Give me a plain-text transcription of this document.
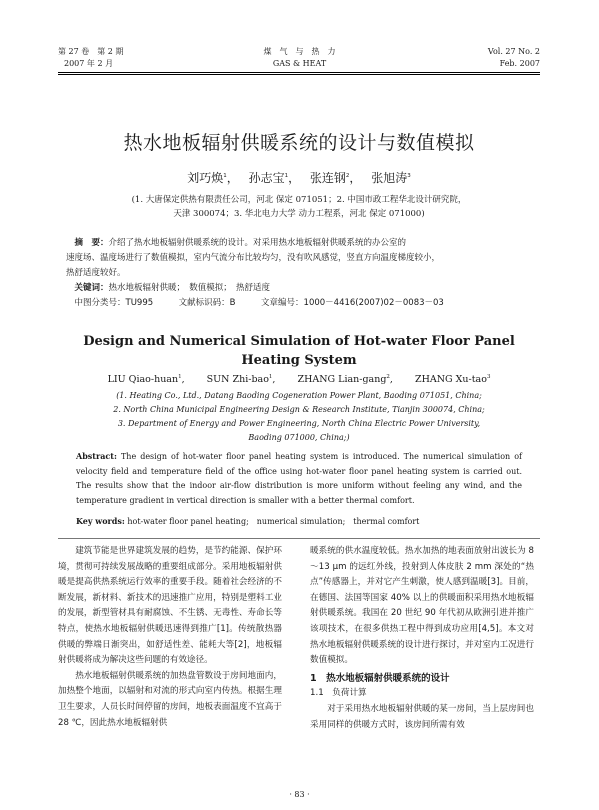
第 27 卷　第 2 期
2007 年 2 月
煤　气　与　热　力
GAS & HEAT
Vol. 27 No. 2
Feb. 2007
热水地板辐射供暖系统的设计与数值模拟
刘巧焕$^1$，　 孙志宝$^1$，　 张连钢$^2$，　 张旭涛$^3$
(1. 大唐保定供热有限责任公司，河北 保定 071051；2. 中国市政工程华北设计研究院，
天津 300074；3. 华北电力大学 动力工程系，河北 保定 071000)
　摘　要：介绍了热水地板辐射供暖系统的设计。对采用热水地板辐射供暖系统的办公室的
速度场、温度场进行了数值模拟，室内气流分布比较均匀，没有吹风感觉，竖直方向温度梯度较小，
热舒适度较好。
　关键词：热水地板辐射供暖；　数值模拟；　热舒适度
　中图分类号：TU995　　　	文献标识码：B　　　	文章编号：1000－4416(2007)02－0083－03
Design and Numerical Simulation of Hot-water Floor Panel
Heating System
LIU Qiao-huan$^1$,　　 SUN Zhi-bao$^1$,　　 ZHANG Lian-gang$^2$,　　 ZHANG Xu-tao$^3$
(1. Heating Co., Ltd., Datang Baoding Cogeneration Power Plant, Baoding 071051, China;
2. North China Municipal Engineering Design & Research Institute, Tianjin 300074, China;
3. Department of Energy and Power Engineering, North China Electric Power University,
Baoding 071000, China;)
Abstract: The design of hot-water floor panel heating system is introduced. The numerical simulation of velocity field and temperature field of the office using hot-water floor panel heating system is carried out. The results show that the indoor air-flow distribution is more uniform without feeling any wind, and the temperature gradient in vertical direction is smaller with a better thermal comfort.
Key words: hot-water floor panel heating;　numerical simulation;　thermal comfort

建筑节能是世界建筑发展的趋势，是节约能源、保护环境，贯彻可持续发展战略的重要组成部分。采用地板辐射供暖是提高供热系统运行效率的重要手段。随着社会经济的不断发展，新材料、新技术的迅速推广应用，特别是塑料工业的发展，新型管材具有耐腐蚀、不生锈、无毒性、寿命长等特点，使热水地板辐射供暖迅速得到推广[1]。传统散热器供暖的弊端日渐突出，如舒适性差、能耗大等[2]，地板辐射供暖将成为解决这些问题的有效途径。

热水地板辐射供暖系统的加热盘管数设于房间地面内，加热整个地面，以辐射和对流的形式向室内传热。根据生理卫生要求，人员长时间停留的房间，地板表面温度不宜高于 28 ℃，因此热水地板辐射供

暖系统的供水温度较低。热水加热的地表面放射出波长为 8～13 μm 的远红外线，投射到人体皮肤 2 mm 深处的“热点”传感器上，并对它产生刺激，使人感到温暖[3]。目前，在德国、法国等国家 40% 以上的供暖面积采用热水地板辐射供暖系统。我国在 20 世纪 90 年代初从欧洲引进并推广该项技术，在很多供热工程中得到成功应用[4,5]。本文对热水地板辐射供暖系统的设计进行探讨，并对室内工况进行数值模拟。

1　热水地板辐射供暖系统的设计
1.1　负荷计算

对于采用热水地板辐射供暖的某一房间，当上层房间也采用同样的供暖方式时，该房间所需有效

· 83 ·
